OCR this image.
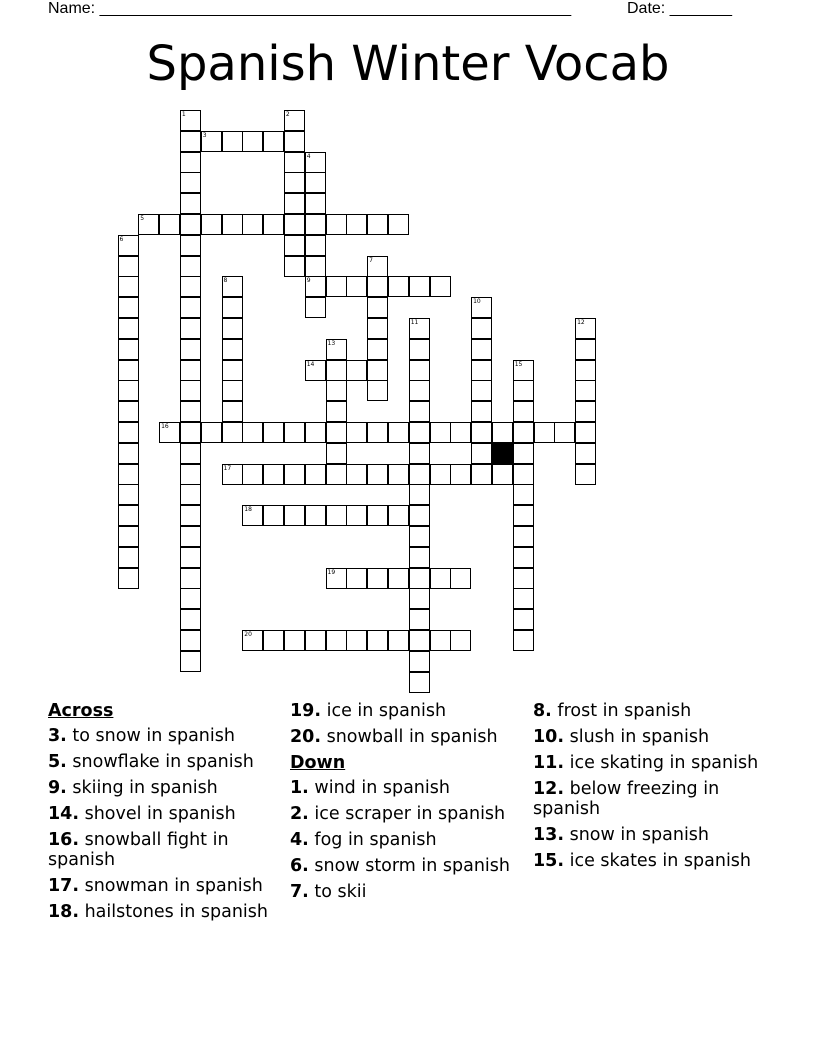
Name: _____________________________________________________	Date: _______
Spanish Winter Vocab
1	2
3
4
9
5
6
7
8
10
11	12
13
14	15
16
17
18
19
20
Across
3. to snow in spanish
5. snowflake in spanish
9. skiing in spanish
14. shovel in spanish
16. snowball fight in spanish
17. snowman in spanish
18. hailstones in spanish
19. ice in spanish
20. snowball in spanish
Down
1. wind in spanish
2. ice scraper in spanish
4. fog in spanish
6. snow storm in spanish
7. to skii
8. frost in spanish
10. slush in spanish
11. ice skating in spanish
12. below freezing in spanish
13. snow in spanish
15. ice skates in spanish
